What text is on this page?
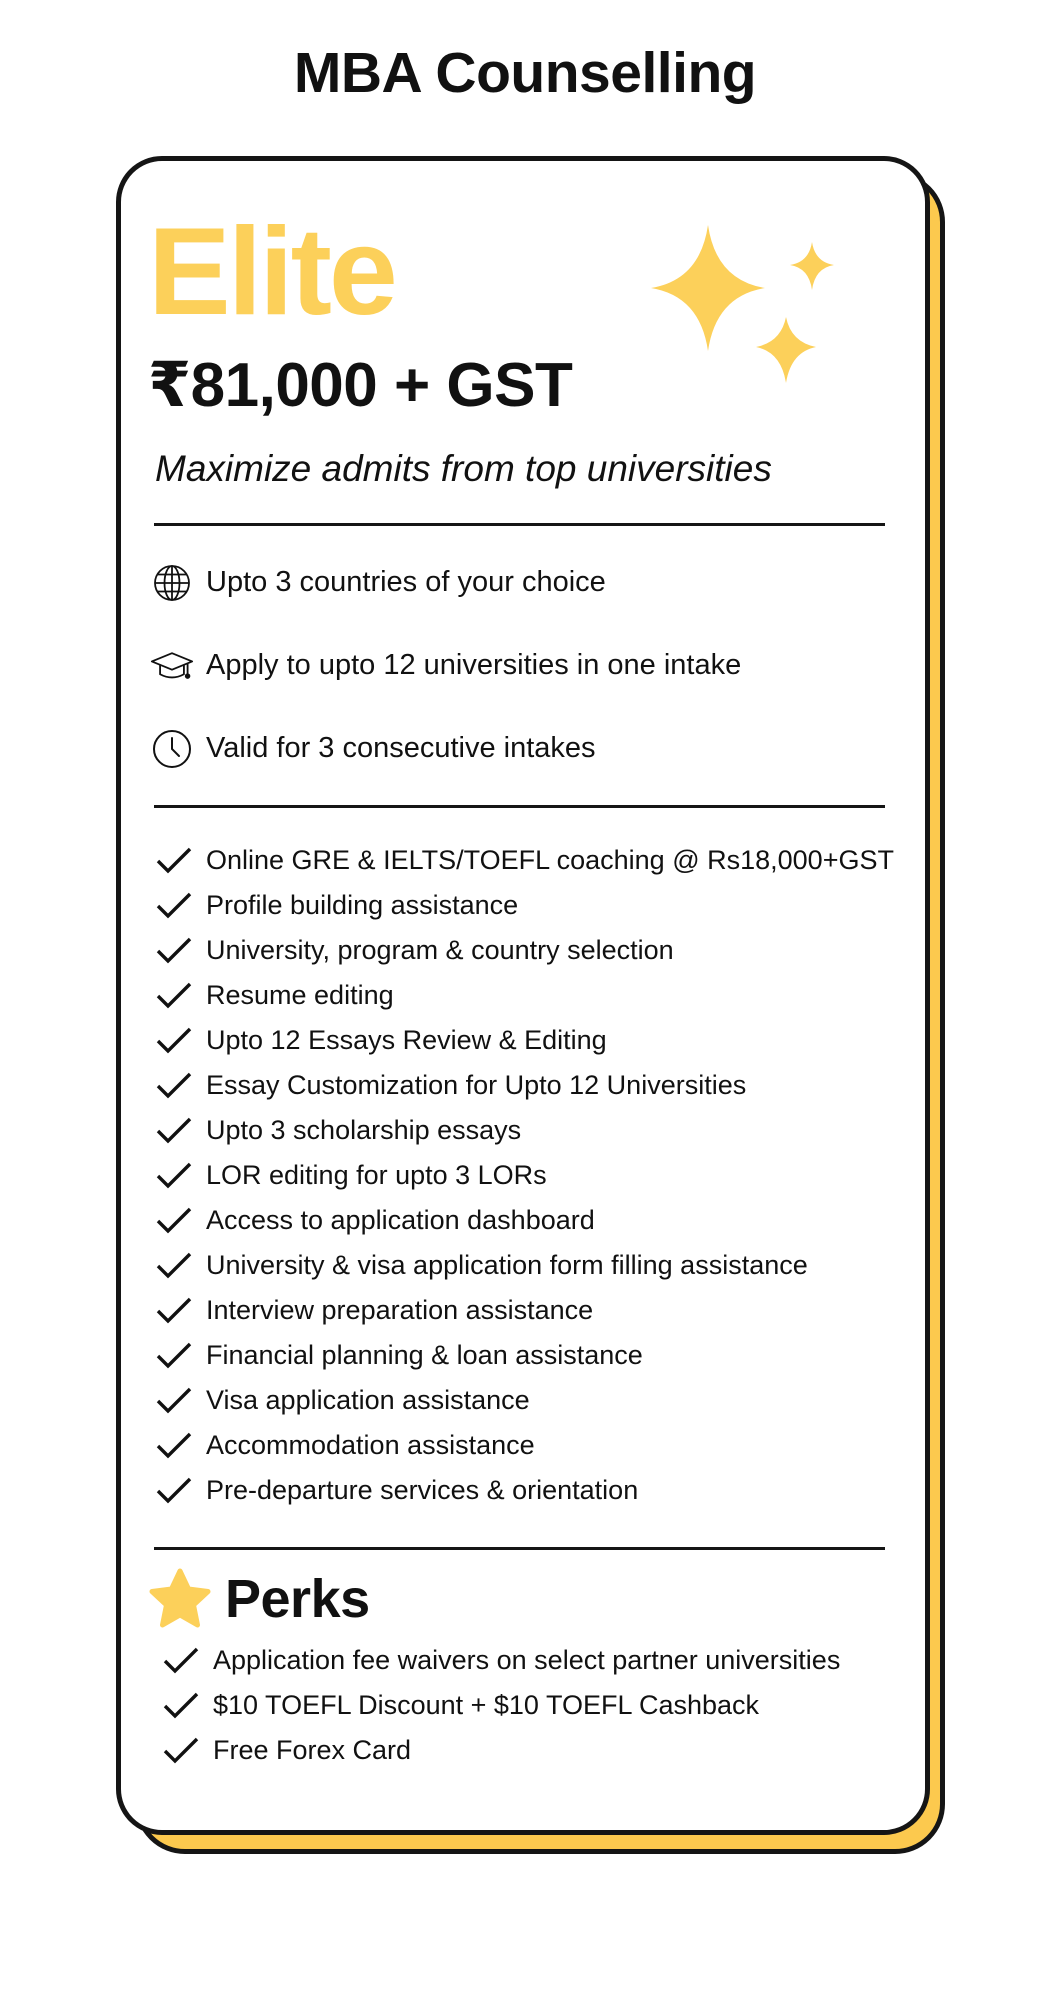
MBA Counselling
Elite
₹81,000 + GST
Maximize admits from top universities
Upto 3 countries of your choice
Apply to upto 12 universities in one intake
Valid for 3 consecutive intakes
Online GRE & IELTS/TOEFL coaching @ Rs18,000+GST
Profile building assistance
University, program & country selection
Resume editing
Upto 12 Essays Review & Editing
Essay Customization for Upto 12 Universities
Upto 3 scholarship essays
LOR editing for upto 3 LORs
Access to application dashboard
University & visa application form filling assistance
Interview preparation assistance
Financial planning & loan assistance
Visa application assistance
Accommodation assistance
Pre-departure services & orientation
Perks
Application fee waivers on select partner universities
$10 TOEFL Discount + $10 TOEFL Cashback
Free Forex Card
